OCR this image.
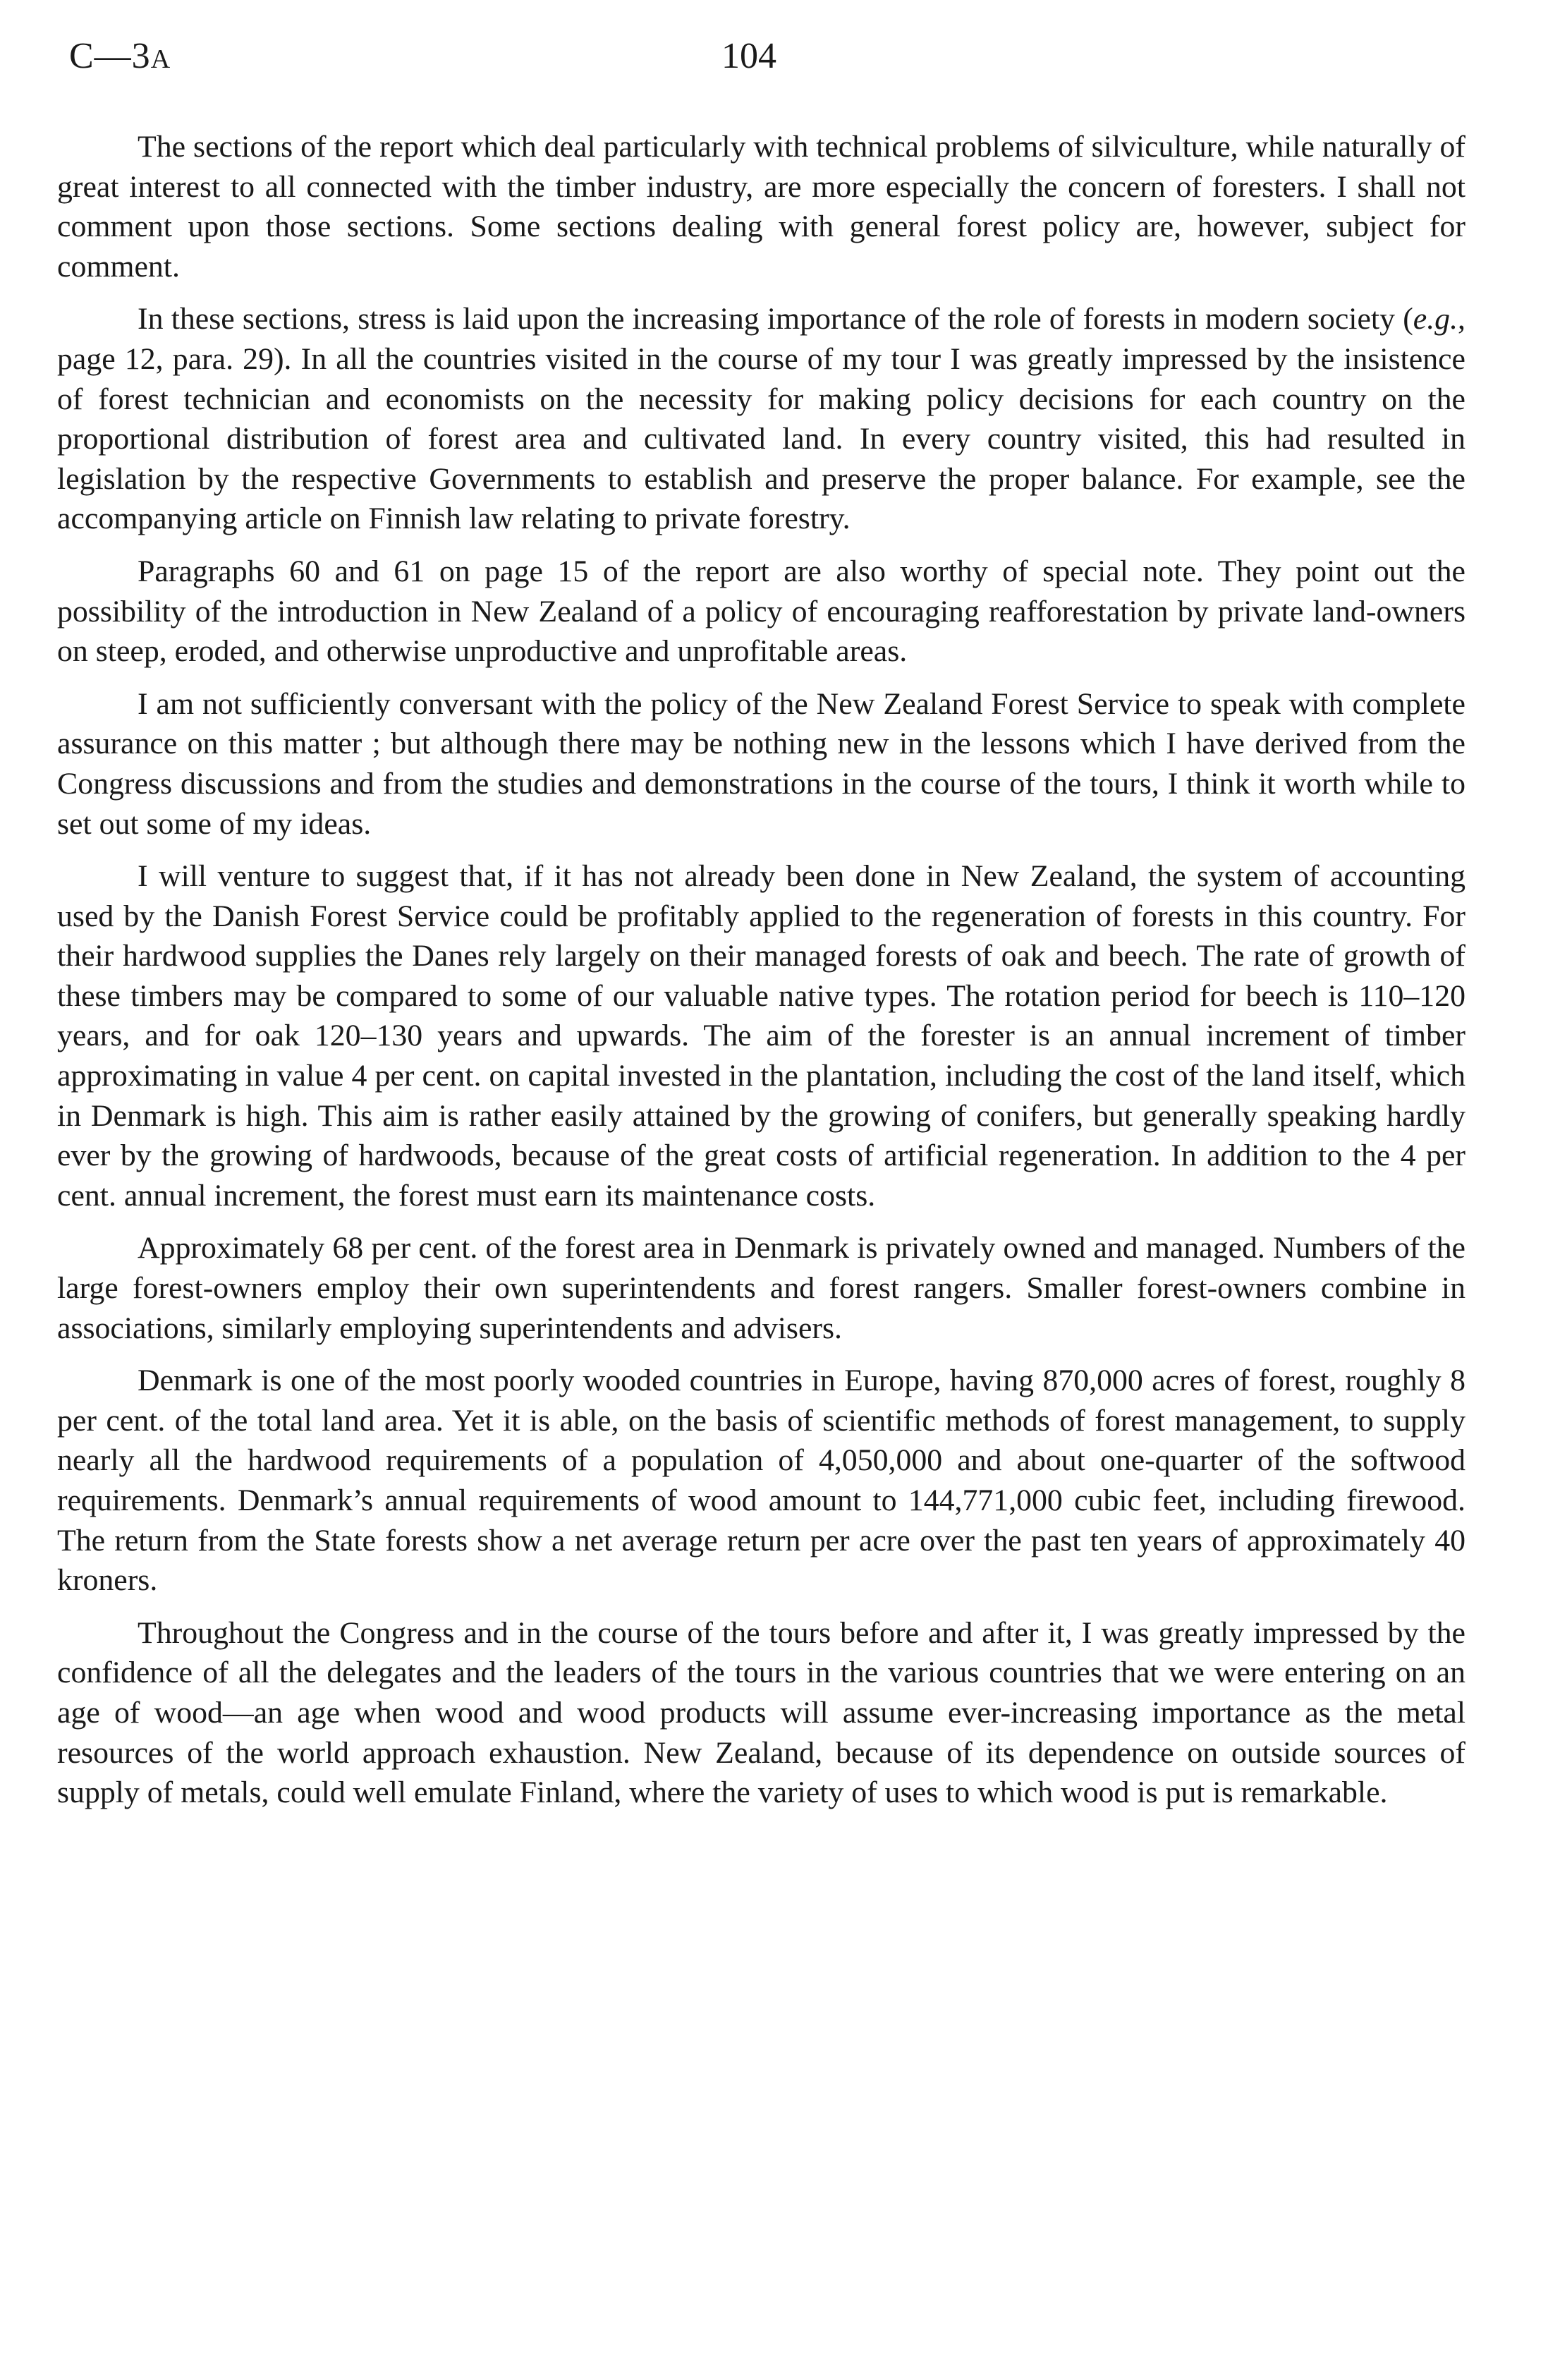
C—3A	104

The sections of the report which deal particularly with technical problems of silviculture, while naturally of great interest to all connected with the timber industry, are more especially the concern of foresters. I shall not comment upon those sections. Some sections dealing with general forest policy are, however, subject for comment.

In these sections, stress is laid upon the increasing importance of the role of forests in modern society (e.g., page 12, para. 29). In all the countries visited in the course of my tour I was greatly impressed by the insistence of forest technician and economists on the necessity for making policy decisions for each country on the proportional distribution of forest area and cultivated land. In every country visited, this had resulted in legislation by the respective Governments to establish and preserve the proper balance. For example, see the accompanying article on Finnish law relating to private forestry.

Paragraphs 60 and 61 on page 15 of the report are also worthy of special note. They point out the possibility of the introduction in New Zealand of a policy of encouraging reafforestation by private land-owners on steep, eroded, and otherwise unproductive and unprofitable areas.

I am not sufficiently conversant with the policy of the New Zealand Forest Service to speak with complete assurance on this matter ; but although there may be nothing new in the lessons which I have derived from the Congress discussions and from the studies and demonstrations in the course of the tours, I think it worth while to set out some of my ideas.

I will venture to suggest that, if it has not already been done in New Zealand, the system of accounting used by the Danish Forest Service could be profitably applied to the regeneration of forests in this country. For their hardwood supplies the Danes rely largely on their managed forests of oak and beech. The rate of growth of these timbers may be compared to some of our valuable native types. The rotation period for beech is 110–120 years, and for oak 120–130 years and upwards. The aim of the forester is an annual increment of timber approximating in value 4 per cent. on capital invested in the plantation, including the cost of the land itself, which in Denmark is high. This aim is rather easily attained by the growing of conifers, but generally speaking hardly ever by the growing of hardwoods, because of the great costs of artificial regeneration. In addition to the 4 per cent. annual increment, the forest must earn its maintenance costs.

Approximately 68 per cent. of the forest area in Denmark is privately owned and managed. Numbers of the large forest-owners employ their own superintendents and forest rangers. Smaller forest-owners combine in associations, similarly employing superintendents and advisers.

Denmark is one of the most poorly wooded countries in Europe, having 870,000 acres of forest, roughly 8 per cent. of the total land area. Yet it is able, on the basis of scientific methods of forest management, to supply nearly all the hardwood requirements of a population of 4,050,000 and about one-quarter of the softwood requirements. Denmark’s annual requirements of wood amount to 144,771,000 cubic feet, including firewood. The return from the State forests show a net average return per acre over the past ten years of approximately 40 kroners.

Throughout the Congress and in the course of the tours before and after it, I was greatly impressed by the confidence of all the delegates and the leaders of the tours in the various countries that we were entering on an age of wood—an age when wood and wood products will assume ever-increasing importance as the metal resources of the world approach exhaustion. New Zealand, because of its dependence on outside sources of supply of metals, could well emulate Finland, where the variety of uses to which wood is put is remarkable.
